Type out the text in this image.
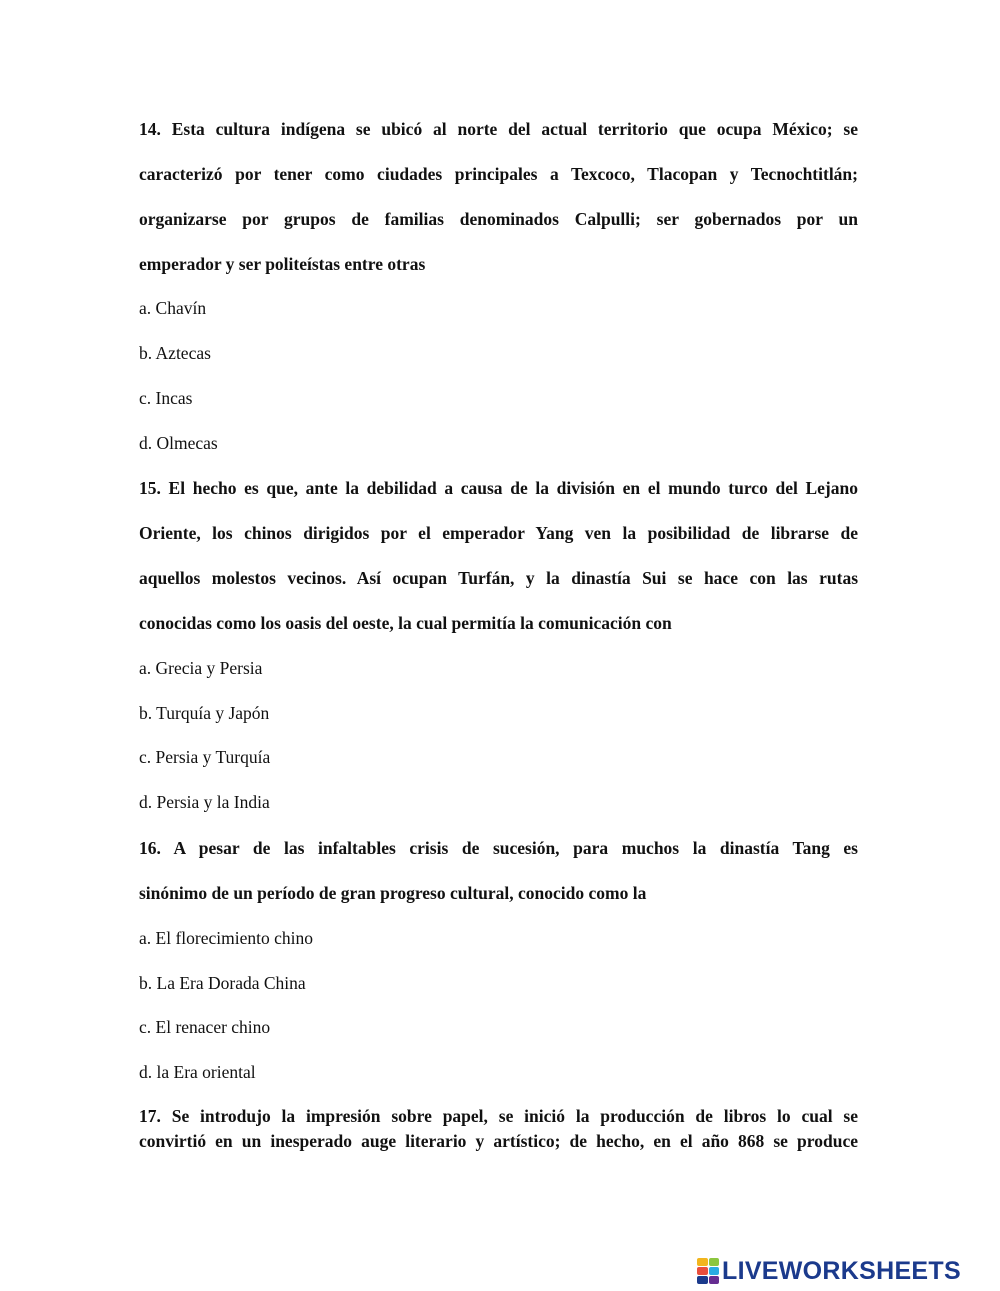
14. Esta cultura indígena se ubicó al norte del actual territorio que ocupa México; se
caracterizó por tener como ciudades principales a Texcoco, Tlacopan y Tecnochtitlán;
organizarse por grupos de familias denominados Calpulli; ser gobernados por un
emperador y ser politeístas entre otras
a. Chavín
b. Aztecas
c. Incas
d. Olmecas
15. El hecho es que, ante la debilidad a causa de la división en el mundo turco del Lejano
Oriente, los chinos dirigidos por el emperador Yang ven la posibilidad de librarse de
aquellos molestos vecinos. Así ocupan Turfán, y la dinastía Sui se hace con las rutas
conocidas como los oasis del oeste, la cual permitía la comunicación con
a. Grecia y Persia
b. Turquía y Japón
c. Persia y Turquía
d. Persia y la India
16. A pesar de las infaltables crisis de sucesión, para muchos la dinastía Tang es
sinónimo de un período de gran progreso cultural, conocido como la
a. El florecimiento chino
b. La Era Dorada China
c. El renacer chino
d. la Era oriental
17. Se introdujo la impresión sobre papel, se inició la producción de libros lo cual se
convirtió en un inesperado auge literario y artístico; de hecho, en el año 868 se produce
LIVEWORKSHEETS
